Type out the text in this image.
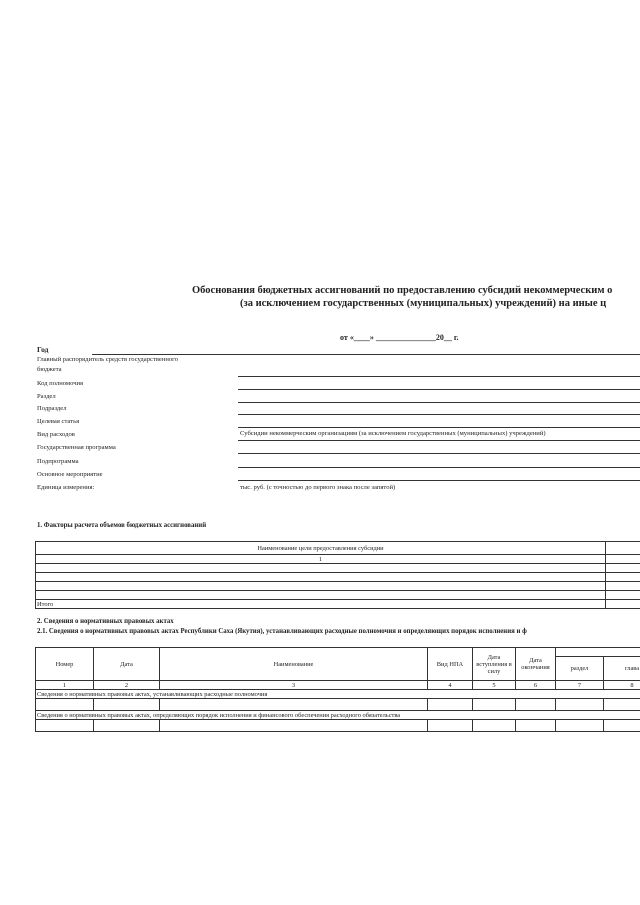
Обоснования бюджетных ассигнований по предоставлению субсидий некоммерческим о
(за исключением государственных (муниципальных) учреждений) на иные ц
от «____» _______________20__ г.
Год
Главный распорядитель средств государственного
бюджета
Код полномочия
Раздел
Подраздел
Целевая статья
Вид расходов	Субсидии некоммерческим организациям (за исключением государственных (муниципальных) учреждений)
Государственная программа
Подпрограмма
Основное мероприятие
Единица измерения:	тыс. руб. (с точностью до первого знака после запятой)
1. Факторы расчета объемов бюджетных ассигнований
Наименование цели предоставления субсидии	
1	

Итого	
2. Сведения о нормативных правовых актах
2.1. Сведения о нормативных правовых актах Республики Саха (Якутия), устанавливающих расходные полномочия и определяющих порядок исполнения и ф
Номер	Дата	Наименование	Вид НПА	Дата вступления в силу	Дата окончания		
						раздел	глава
1	2	3	4	5	6	7	8
Сведения о нормативных правовых актах, устанавливающих расходные полномочия							

Сведения о нормативных правовых актах, определяющих порядок исполнения и финансового обеспечения расходного обязательства							
